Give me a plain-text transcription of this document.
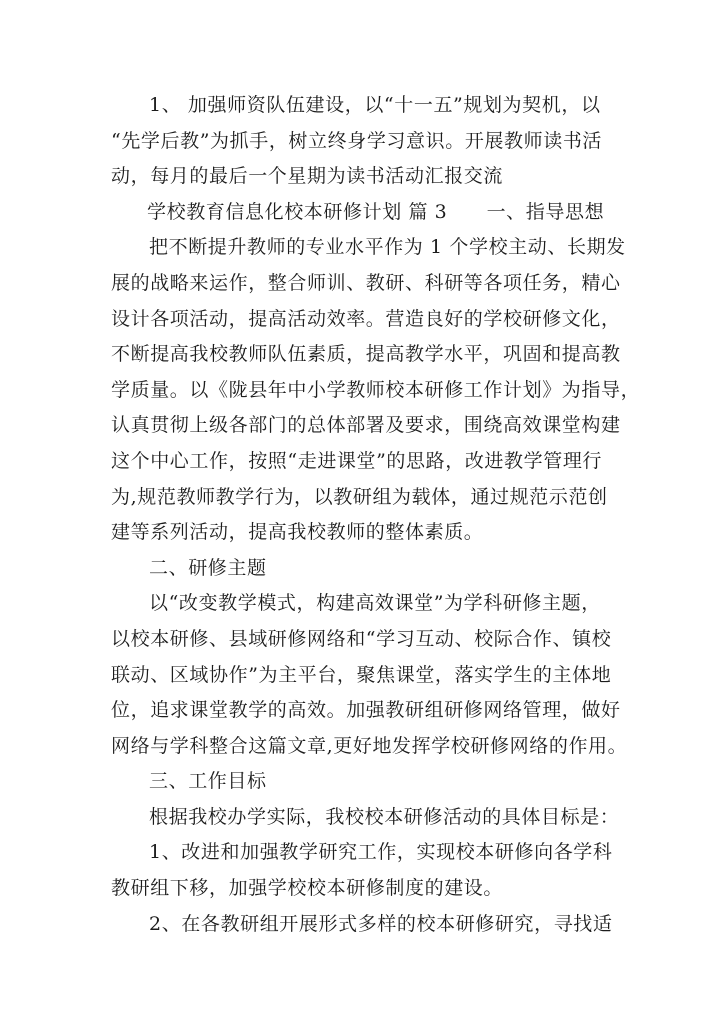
1、 加强师资队伍建设，以“十一五”规划为契机，以
“先学后教”为抓手，树立终身学习意识。开展教师读书活
动，每月的最后一个星期为读书活动汇报交流
学校教育信息化校本研修计划 篇 3　　一、指导思想
把不断提升教师的专业水平作为 1 个学校主动、长期发
展的战略来运作，整合师训、教研、科研等各项任务，精心
设计各项活动，提高活动效率。营造良好的学校研修文化，
不断提高我校教师队伍素质，提高教学水平，巩固和提高教
学质量。以《陇县年中小学教师校本研修工作计划》为指导，
认真贯彻上级各部门的总体部署及要求，围绕高效课堂构建
这个中心工作，按照“走进课堂”的思路，改进教学管理行
为,规范教师教学行为，以教研组为载体，通过规范示范创
建等系列活动，提高我校教师的整体素质。
二、研修主题
以“改变教学模式，构建高效课堂”为学科研修主题，
以校本研修、县域研修网络和“学习互动、校际合作、镇校
联动、区域协作”为主平台，聚焦课堂，落实学生的主体地
位，追求课堂教学的高效。加强教研组研修网络管理，做好
网络与学科整合这篇文章,更好地发挥学校研修网络的作用。
三、工作目标
根据我校办学实际，我校校本研修活动的具体目标是：
1、改进和加强教学研究工作，实现校本研修向各学科
教研组下移，加强学校校本研修制度的建设。
2、在各教研组开展形式多样的校本研修研究，寻找适
